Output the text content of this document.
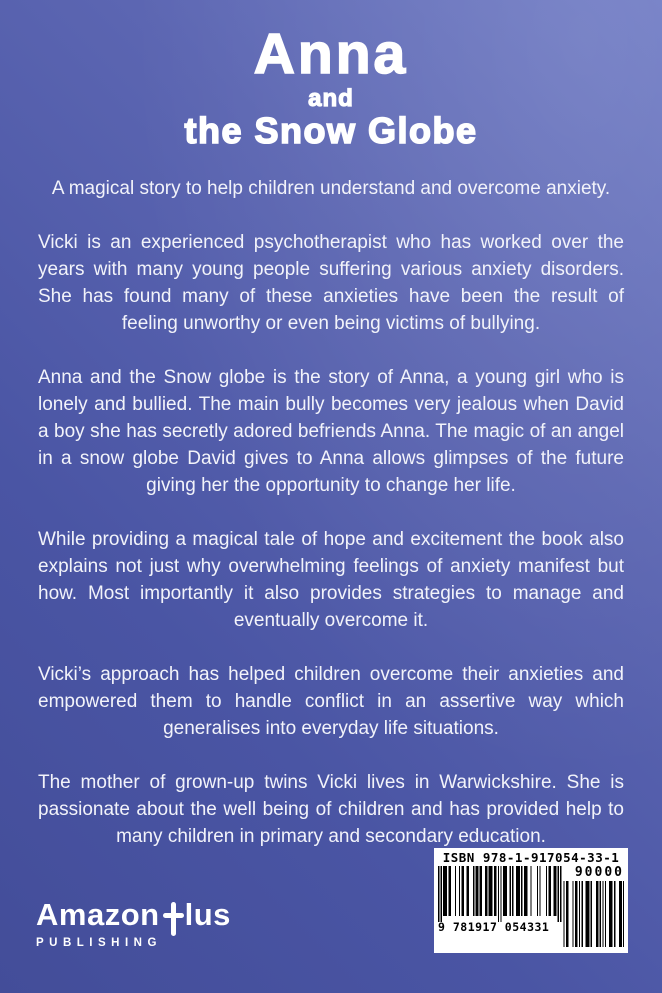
Anna
and
the Snow Globe

A magical story to help children understand and overcome anxiety.

Vicki is an experienced psychotherapist who has worked over the years with many young people suffering various anxiety disorders. She has found many of these anxieties have been the result of feeling unworthy or even being victims of bullying.

Anna and the Snow globe is the story of Anna, a young girl who is lonely and bullied. The main bully becomes very jealous when David a boy she has secretly adored befriends Anna. The magic of an angel in a snow globe David gives to Anna allows glimpses of the future giving her the opportunity to change her life.

While providing a magical tale of hope and excitement the book also explains not just why overwhelming feelings of anxiety manifest but how. Most importantly it also provides strategies to manage and eventually overcome it.

Vicki’s approach has helped children overcome their anxieties and empowered them to handle conflict in an assertive way which generalises into everyday life situations.

The mother of grown-up twins Vicki lives in Warwickshire. She is passionate about the well being of children and has provided help to many children in primary and secondary education.

Amazon lus
PUBLISHING
ISBN 978-1-917054-33-1
9 781917 054331
90000
